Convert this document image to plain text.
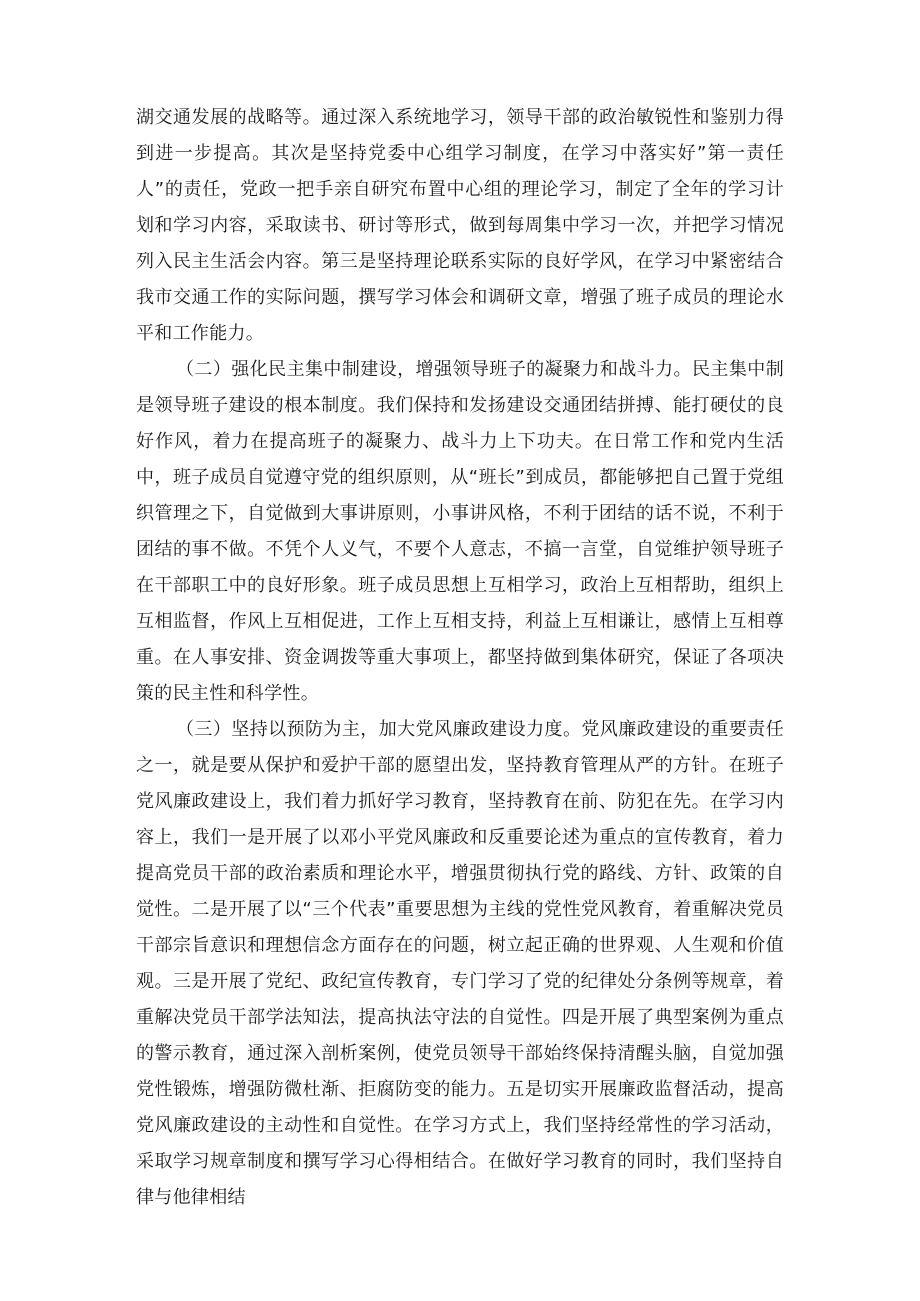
湖交通发展的战略等。通过深入系统地学习，领导干部的政治敏锐性和鉴别力得到进一步提高。其次是坚持党委中心组学习制度，在学习中落实好”第一责任人”的责任，党政一把手亲自研究布置中心组的理论学习，制定了全年的学习计划和学习内容，采取读书、研讨等形式，做到每周集中学习一次，并把学习情况列入民主生活会内容。第三是坚持理论联系实际的良好学风，在学习中紧密结合我市交通工作的实际问题，撰写学习体会和调研文章，增强了班子成员的理论水平和工作能力。

（二）强化民主集中制建设，增强领导班子的凝聚力和战斗力。民主集中制是领导班子建设的根本制度。我们保持和发扬建设交通团结拼搏、能打硬仗的良好作风，着力在提高班子的凝聚力、战斗力上下功夫。在日常工作和党内生活中，班子成员自觉遵守党的组织原则，从“班长”到成员，都能够把自己置于党组织管理之下，自觉做到大事讲原则，小事讲风格，不利于团结的话不说，不利于团结的事不做。不凭个人义气，不要个人意志，不搞一言堂，自觉维护领导班子在干部职工中的良好形象。班子成员思想上互相学习，政治上互相帮助，组织上互相监督，作风上互相促进，工作上互相支持，利益上互相谦让，感情上互相尊重。在人事安排、资金调拨等重大事项上，都坚持做到集体研究，保证了各项决策的民主性和科学性。

（三）坚持以预防为主，加大党风廉政建设力度。党风廉政建设的重要责任之一，就是要从保护和爱护干部的愿望出发，坚持教育管理从严的方针。在班子党风廉政建设上，我们着力抓好学习教育，坚持教育在前、防犯在先。在学习内容上，我们一是开展了以邓小平党风廉政和反重要论述为重点的宣传教育，着力提高党员干部的政治素质和理论水平，增强贯彻执行党的路线、方针、政策的自觉性。二是开展了以“三个代表”重要思想为主线的党性党风教育，着重解决党员干部宗旨意识和理想信念方面存在的问题，树立起正确的世界观、人生观和价值观。三是开展了党纪、政纪宣传教育，专门学习了党的纪律处分条例等规章，着重解决党员干部学法知法，提高执法守法的自觉性。四是开展了典型案例为重点的警示教育，通过深入剖析案例，使党员领导干部始终保持清醒头脑，自觉加强党性锻炼，增强防微杜渐、拒腐防变的能力。五是切实开展廉政监督活动，提高党风廉政建设的主动性和自觉性。在学习方式上，我们坚持经常性的学习活动，采取学习规章制度和撰写学习心得相结合。在做好学习教育的同时，我们坚持自律与他律相结
